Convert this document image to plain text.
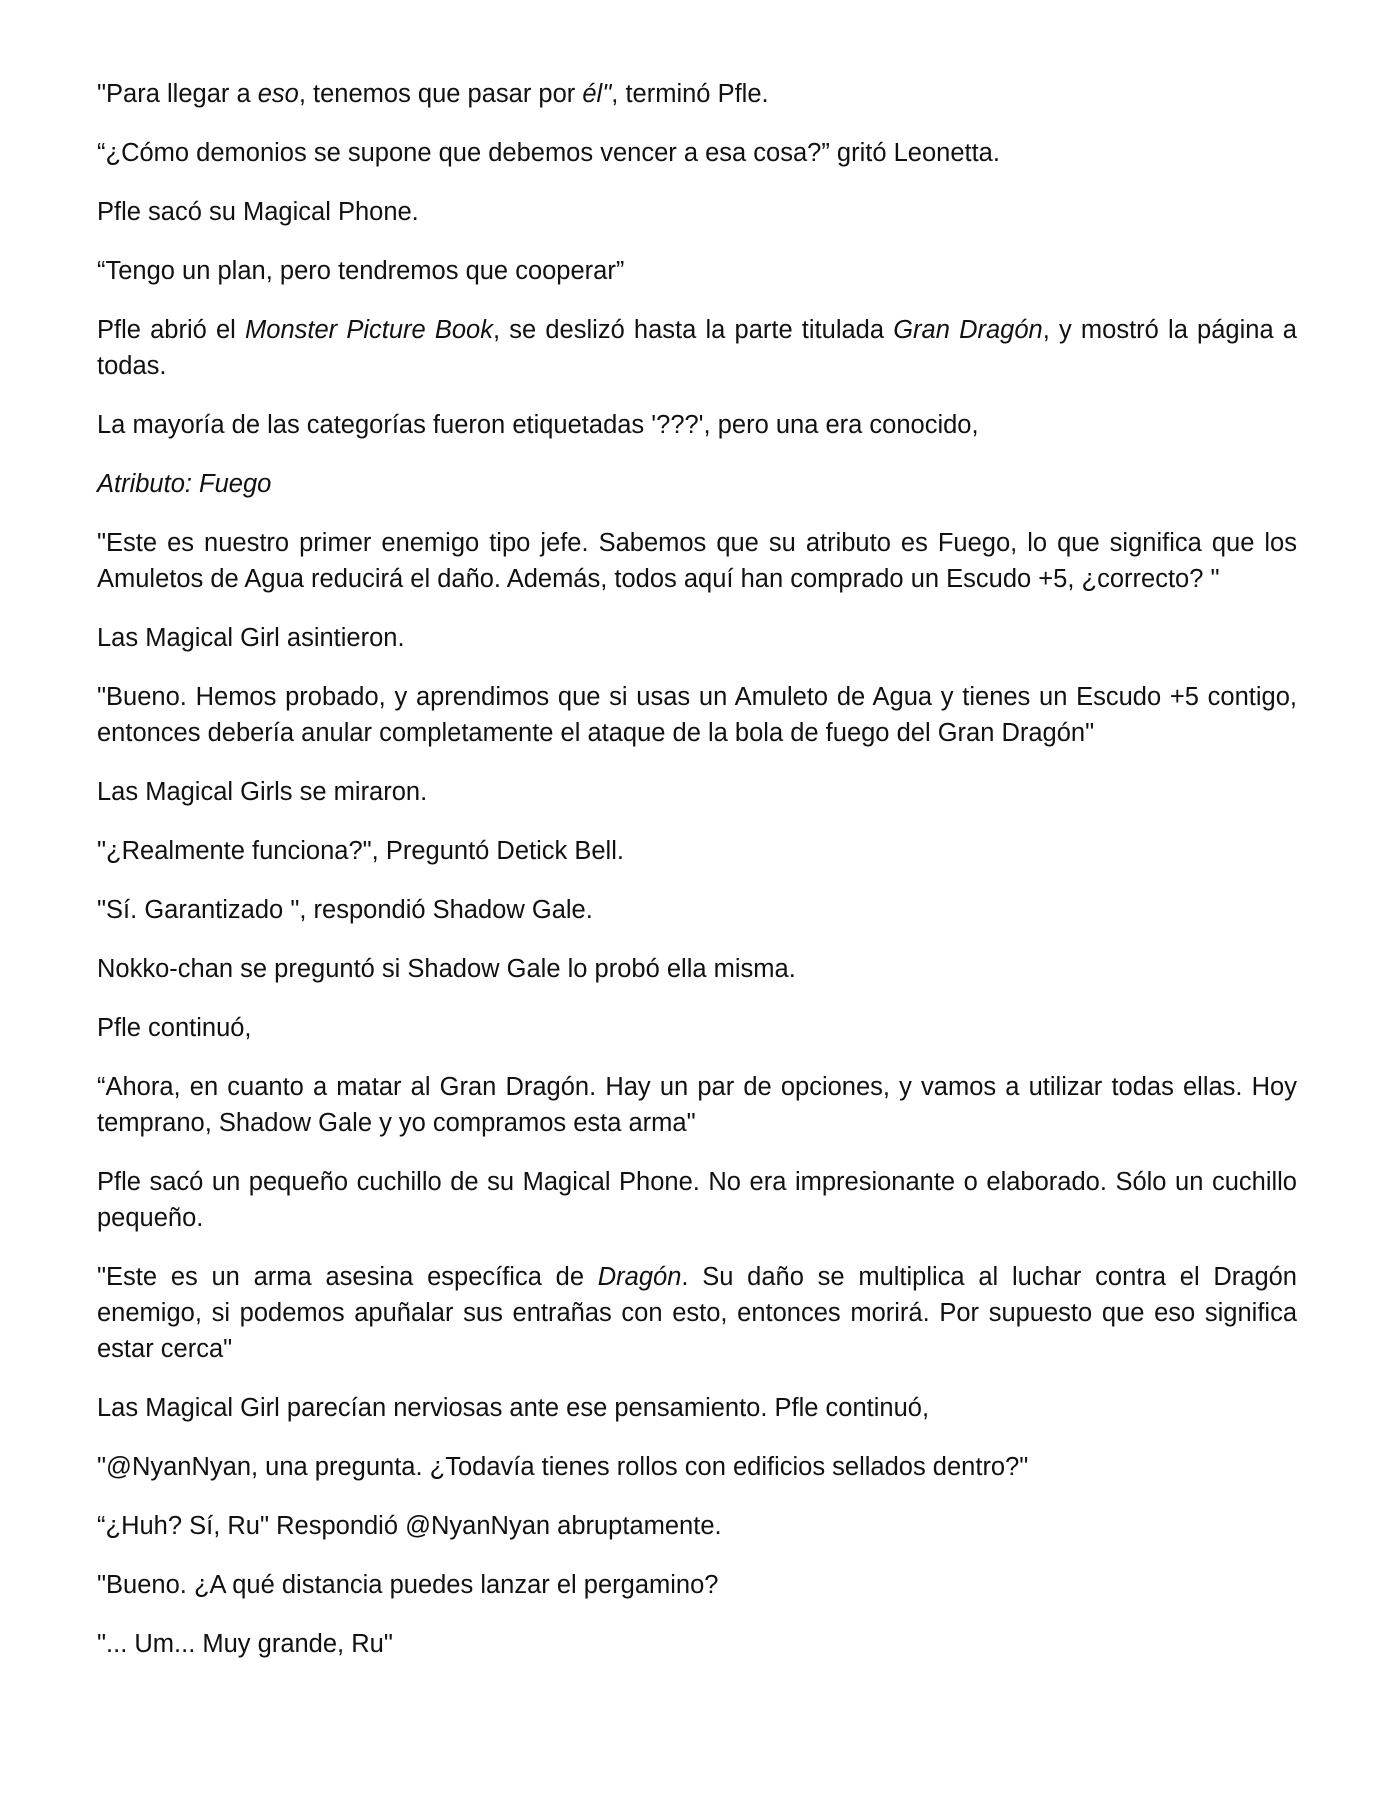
"Para llegar a eso, tenemos que pasar por él", terminó Pfle.

“¿Cómo demonios se supone que debemos vencer a esa cosa?” gritó Leonetta.

Pfle sacó su Magical Phone.

“Tengo un plan, pero tendremos que cooperar”

Pfle abrió el Monster Picture Book, se deslizó hasta la parte titulada Gran Dragón, y mostró la página a todas.

La mayoría de las categorías fueron etiquetadas '???', pero una era conocido,

Atributo: Fuego

"Este es nuestro primer enemigo tipo jefe. Sabemos que su atributo es Fuego, lo que significa que los Amuletos de Agua reducirá el daño. Además, todos aquí han comprado un Escudo +5, ¿correcto? "

Las Magical Girl asintieron.

"Bueno. Hemos probado, y aprendimos que si usas un Amuleto de Agua y tienes un Escudo +5 contigo, entonces debería anular completamente el ataque de la bola de fuego del Gran Dragón"

Las Magical Girls se miraron.

"¿Realmente funciona?", Preguntó Detick Bell.

"Sí. Garantizado ", respondió Shadow Gale.

Nokko-chan se preguntó si Shadow Gale lo probó ella misma.

Pfle continuó,

“Ahora, en cuanto a matar al Gran Dragón. Hay un par de opciones, y vamos a utilizar todas ellas. Hoy temprano, Shadow Gale y yo compramos esta arma"

Pfle sacó un pequeño cuchillo de su Magical Phone. No era impresionante o elaborado. Sólo un cuchillo pequeño.

"Este es un arma asesina específica de Dragón. Su daño se multiplica al luchar contra el Dragón enemigo, si podemos apuñalar sus entrañas con esto, entonces morirá. Por supuesto que eso significa estar cerca"

Las Magical Girl parecían nerviosas ante ese pensamiento. Pfle continuó,

"@NyanNyan, una pregunta. ¿Todavía tienes rollos con edificios sellados dentro?"

“¿Huh? Sí, Ru" Respondió @NyanNyan abruptamente.

"Bueno. ¿A qué distancia puedes lanzar el pergamino?

"... Um... Muy grande, Ru"
